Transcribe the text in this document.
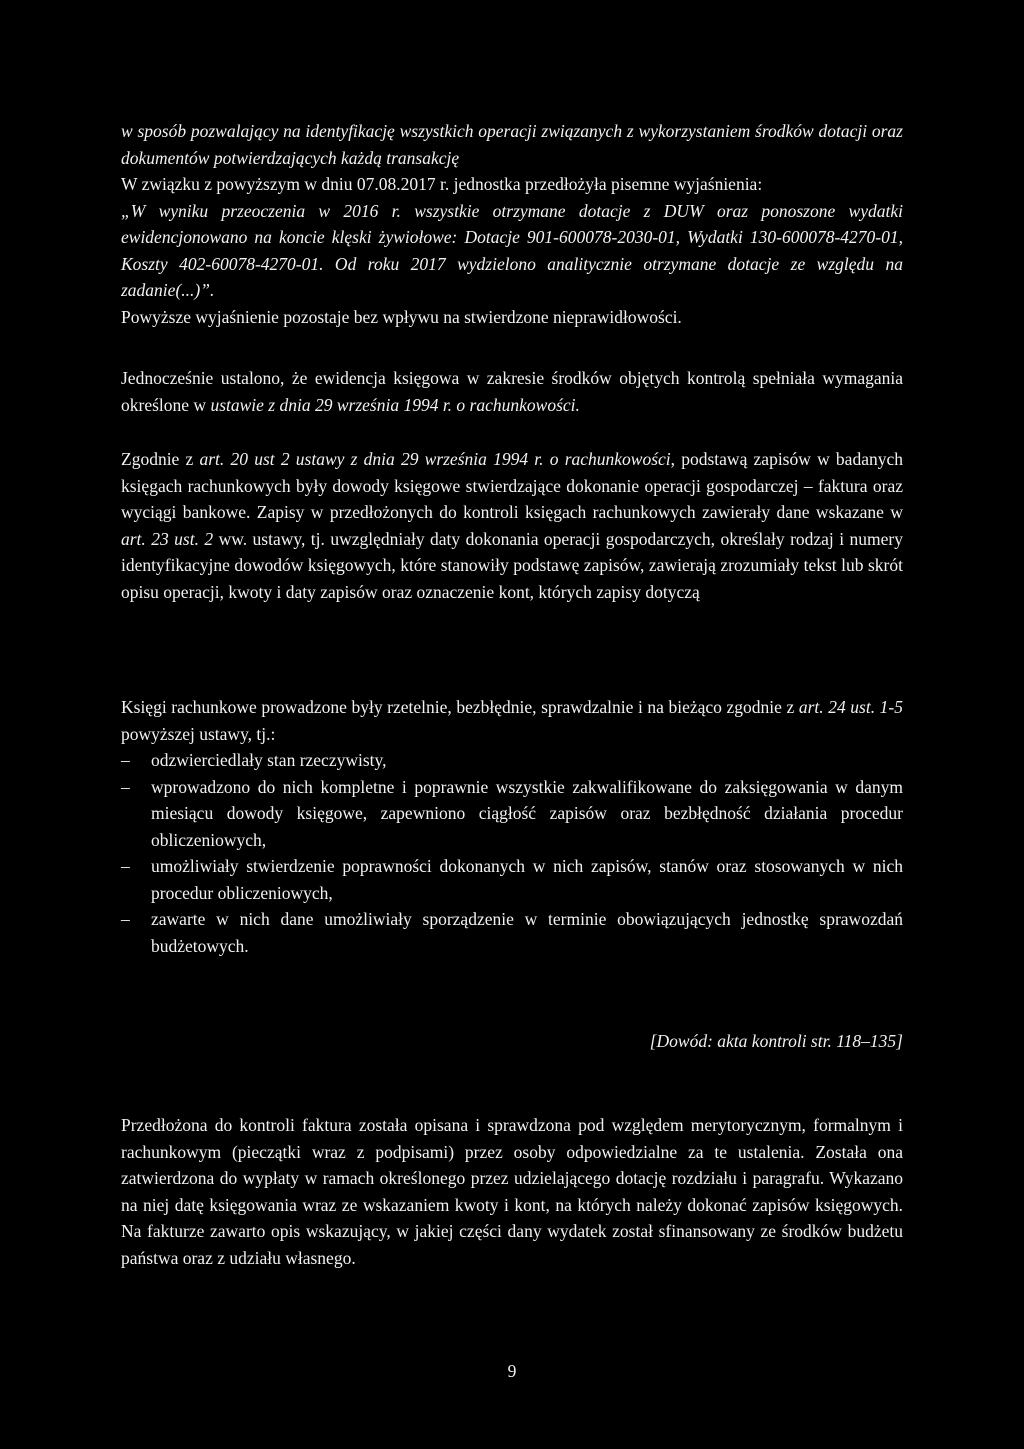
w sposób pozwalający na identyfikację wszystkich operacji związanych z wykorzystaniem środków dotacji oraz dokumentów potwierdzających każdą transakcję

W związku z powyższym w dniu 07.08.2017 r. jednostka przedłożyła pisemne wyjaśnienia:

„W wyniku przeoczenia w 2016 r. wszystkie otrzymane dotacje z DUW oraz ponoszone wydatki ewidencjonowano na koncie klęski żywiołowe: Dotacje 901-600078-2030-01, Wydatki 130-600078-4270-01, Koszty 402-60078-4270-01. Od roku 2017 wydzielono analitycznie otrzymane dotacje ze względu na zadanie(...)”.

Powyższe wyjaśnienie pozostaje bez wpływu na stwierdzone nieprawidłowości.

Jednocześnie ustalono, że ewidencja księgowa w zakresie środków objętych kontrolą spełniała wymagania określone w ustawie z dnia 29 września 1994 r. o rachunkowości.

Zgodnie z art. 20 ust 2 ustawy z dnia 29 września 1994 r. o rachunkowości, podstawą zapisów w badanych księgach rachunkowych były dowody księgowe stwierdzające dokonanie operacji gospodarczej – faktura oraz wyciągi bankowe. Zapisy w przedłożonych do kontroli księgach rachunkowych zawierały dane wskazane w art. 23 ust. 2 ww. ustawy, tj. uwzględniały daty dokonania operacji gospodarczych, określały rodzaj i numery identyfikacyjne dowodów księgowych, które stanowiły podstawę zapisów, zawierają zrozumiały tekst lub skrót opisu operacji, kwoty i daty zapisów oraz oznaczenie kont, których zapisy dotyczą

Księgi rachunkowe prowadzone były rzetelnie, bezbłędnie, sprawdzalnie i na bieżąco zgodnie z art. 24 ust. 1-5 powyższej ustawy, tj.:

– odzwierciedlały stan rzeczywisty,
– wprowadzono do nich kompletne i poprawnie wszystkie zakwalifikowane do zaksięgowania w danym miesiącu dowody księgowe, zapewniono ciągłość zapisów oraz bezbłędność działania procedur obliczeniowych,
– umożliwiały stwierdzenie poprawności dokonanych w nich zapisów, stanów oraz stosowanych w nich procedur obliczeniowych,
– zawarte w nich dane umożliwiały sporządzenie w terminie obowiązujących jednostkę sprawozdań budżetowych.
[Dowód: akta kontroli str. 118–135]

Przedłożona do kontroli faktura została opisana i sprawdzona pod względem merytorycznym, formalnym i rachunkowym (pieczątki wraz z podpisami) przez osoby odpowiedzialne za te ustalenia. Została ona zatwierdzona do wypłaty w ramach określonego przez udzielającego dotację rozdziału i paragrafu. Wykazano na niej datę księgowania wraz ze wskazaniem kwoty i kont, na których należy dokonać zapisów księgowych. Na fakturze zawarto opis wskazujący, w jakiej części dany wydatek został sfinansowany ze środków budżetu państwa oraz z udziału własnego.

9
